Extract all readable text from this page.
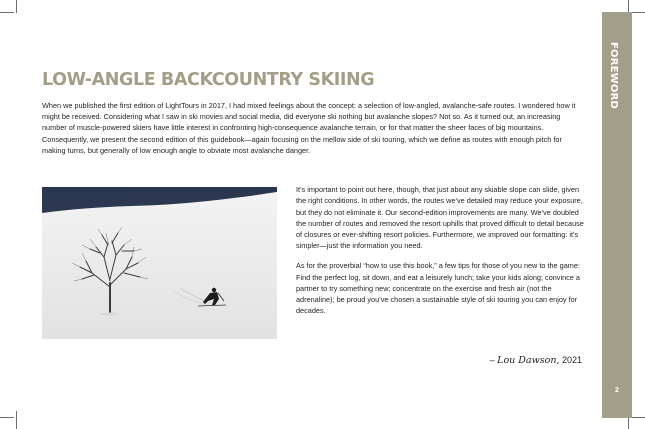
FOREWORD
2
LOW-ANGLE BACKCOUNTRY SKIING

When we published the first edition of LightTours in 2017, I had mixed feelings about the concept: a selection of low-angled, avalanche-safe routes. I wondered how it might be received. Considering what I saw in ski movies and social media, did everyone ski nothing but avalanche slopes? Not so. As it turned out, an increasing number of muscle-powered skiers have little interest in confronting high-consequence avalanche terrain, or for that matter the sheer faces of big mountains. Consequently, we present the second edition of this guidebook—again focusing on the mellow side of ski touring, which we define as routes with enough pitch for making turns, but generally of low enough angle to obviate most avalanche danger.

It’s important to point out here, though, that just about any skiable slope can slide, given the right conditions. In other words, the routes we’ve detailed may reduce your exposure, but they do not eliminate it. Our second-edition improvements are many. We’ve doubled the number of routes and removed the resort uphills that proved difficult to detail because of closures or ever-shifting resort policies. Furthermore, we improved our formatting: it’s simpler—just the information you need.

As for the proverbial “how to use this book,” a few tips for those of you new to the game: Find the perfect log, sit down, and eat a leisurely lunch; take your kids along; convince a partner to try something new; concentrate on the exercise and fresh air (not the adrenaline); be proud you’ve chosen a sustainable style of ski touring you can enjoy for decades.

– Lou Dawson, 2021
